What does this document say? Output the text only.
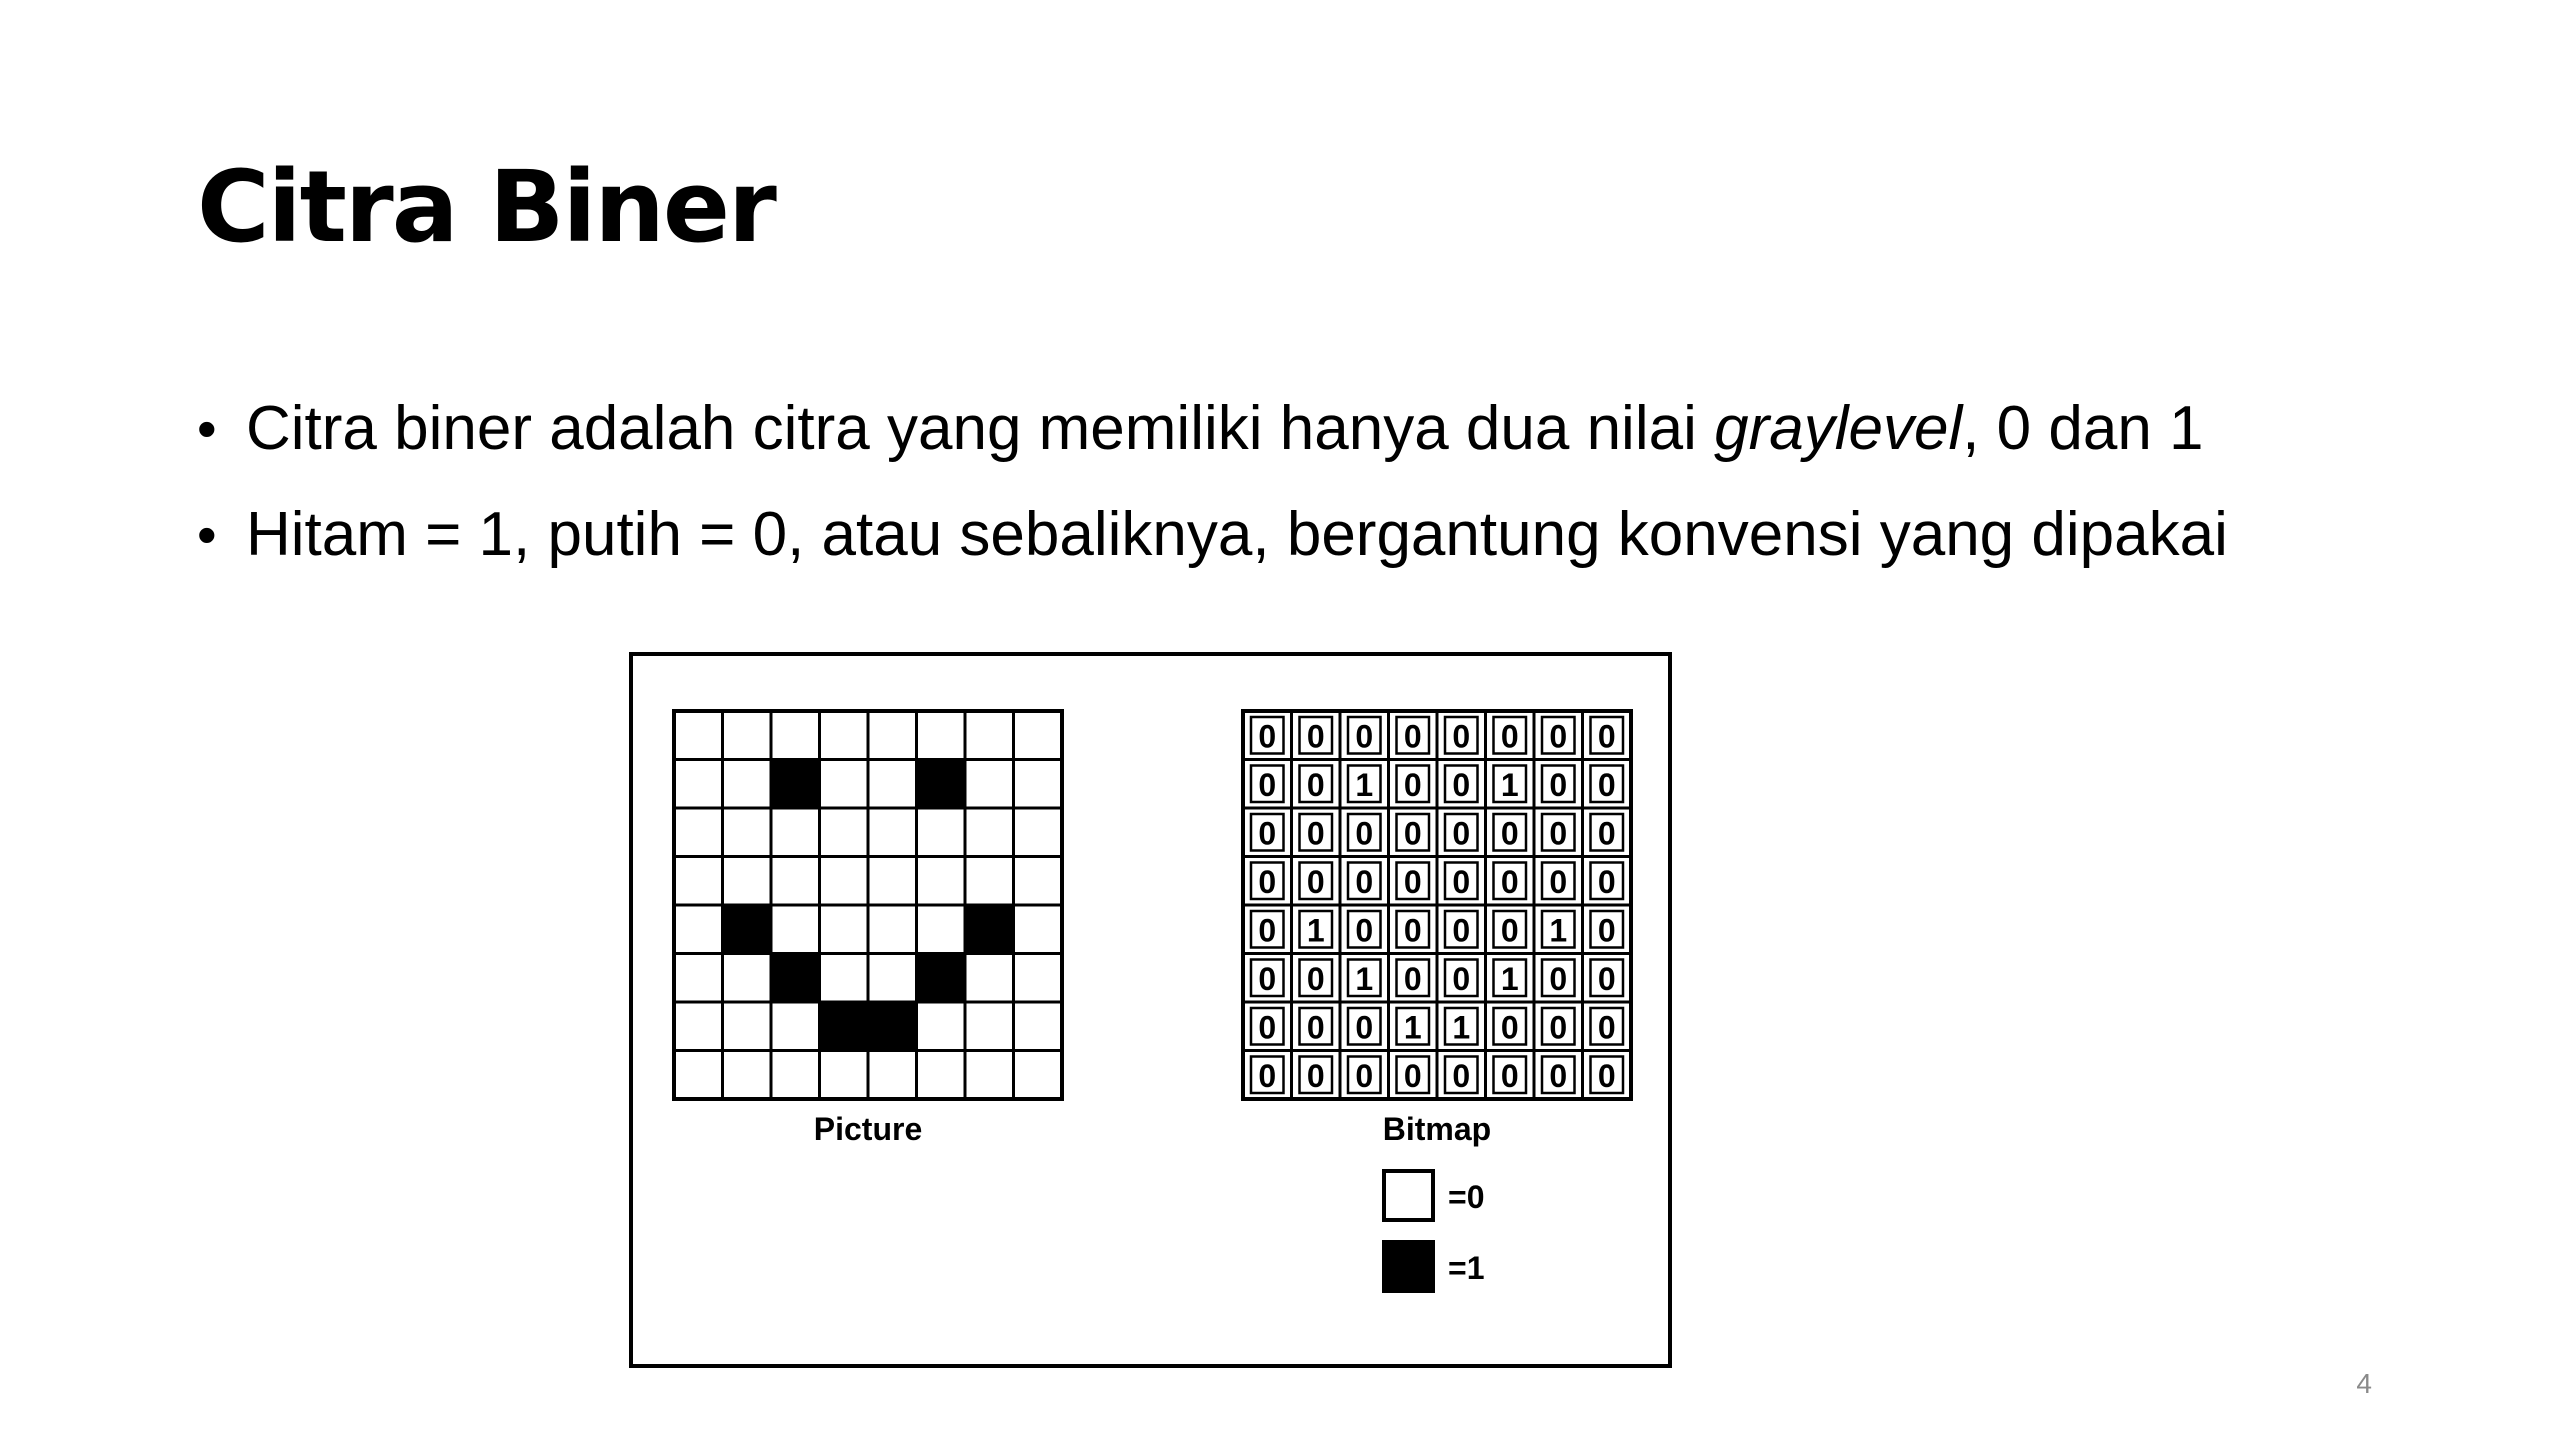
Citra Biner
• Citra biner adalah citra yang memiliki hanya dua nilai graylevel, 0 dan 1
• Hitam = 1, putih = 0, atau sebaliknya, bergantung konvensi yang dipakai
0 0 0 0 0 0 0 0
0 0 1 0 0 1 0 0
0 0 0 0 0 0 0 0
0 0 0 0 0 0 0 0
0 1 0 0 0 0 1 0
0 0 1 0 0 1 0 0
0 0 0 1 1 0 0 0
0 0 0 0 0 0 0 0
Picture	Bitmap
=0
=1
4
